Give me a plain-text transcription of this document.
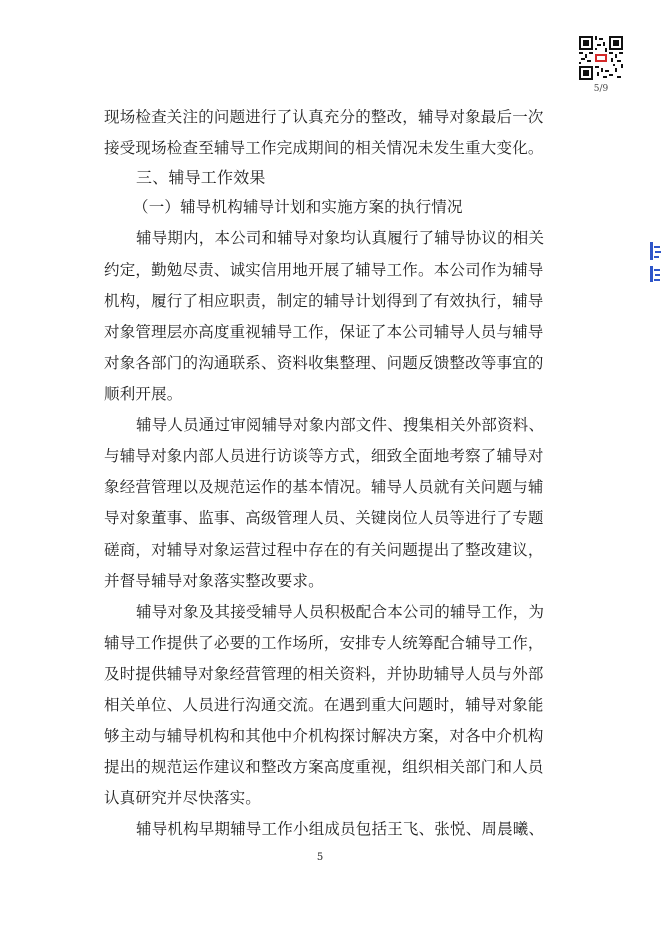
5/9
现场检查关注的问题进行了认真充分的整改，辅导对象最后一次
接受现场检查至辅导工作完成期间的相关情况未发生重大变化。
三、辅导工作效果
（一）辅导机构辅导计划和实施方案的执行情况
辅导期内，本公司和辅导对象均认真履行了辅导协议的相关
约定，勤勉尽责、诚实信用地开展了辅导工作。本公司作为辅导
机构，履行了相应职责，制定的辅导计划得到了有效执行，辅导
对象管理层亦高度重视辅导工作，保证了本公司辅导人员与辅导
对象各部门的沟通联系、资料收集整理、问题反馈整改等事宜的
顺利开展。
辅导人员通过审阅辅导对象内部文件、搜集相关外部资料、
与辅导对象内部人员进行访谈等方式，细致全面地考察了辅导对
象经营管理以及规范运作的基本情况。辅导人员就有关问题与辅
导对象董事、监事、高级管理人员、关键岗位人员等进行了专题
磋商，对辅导对象运营过程中存在的有关问题提出了整改建议，
并督导辅导对象落实整改要求。
辅导对象及其接受辅导人员积极配合本公司的辅导工作，为
辅导工作提供了必要的工作场所，安排专人统筹配合辅导工作，
及时提供辅导对象经营管理的相关资料，并协助辅导人员与外部
相关单位、人员进行沟通交流。在遇到重大问题时，辅导对象能
够主动与辅导机构和其他中介机构探讨解决方案，对各中介机构
提出的规范运作建议和整改方案高度重视，组织相关部门和人员
认真研究并尽快落实。
辅导机构早期辅导工作小组成员包括王飞、张悦、周晨曦、
5
